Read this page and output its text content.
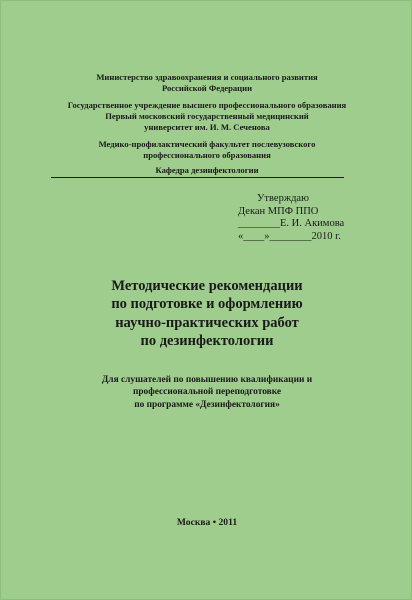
Министерство здравоохранения и социального развития
Российской Федерации
Государственное учреждение высшего профессионального образования
Первый московский государственный медицинский
университет им. И. М. Сеченова
Медико-профилактический факультет послевузовского
профессионального образования
Кафедра дезинфектологии
Утверждаю
Декан МПФ ППО
________Е. И. Акимова
«____»________2010 г.
Методические рекомендации
по подготовке и оформлению
научно-практических работ
по дезинфектологии
Для слушателей по повышению квалификации и
профессиональной переподготовке
по программе «Дезинфектология»
Москва • 2011
